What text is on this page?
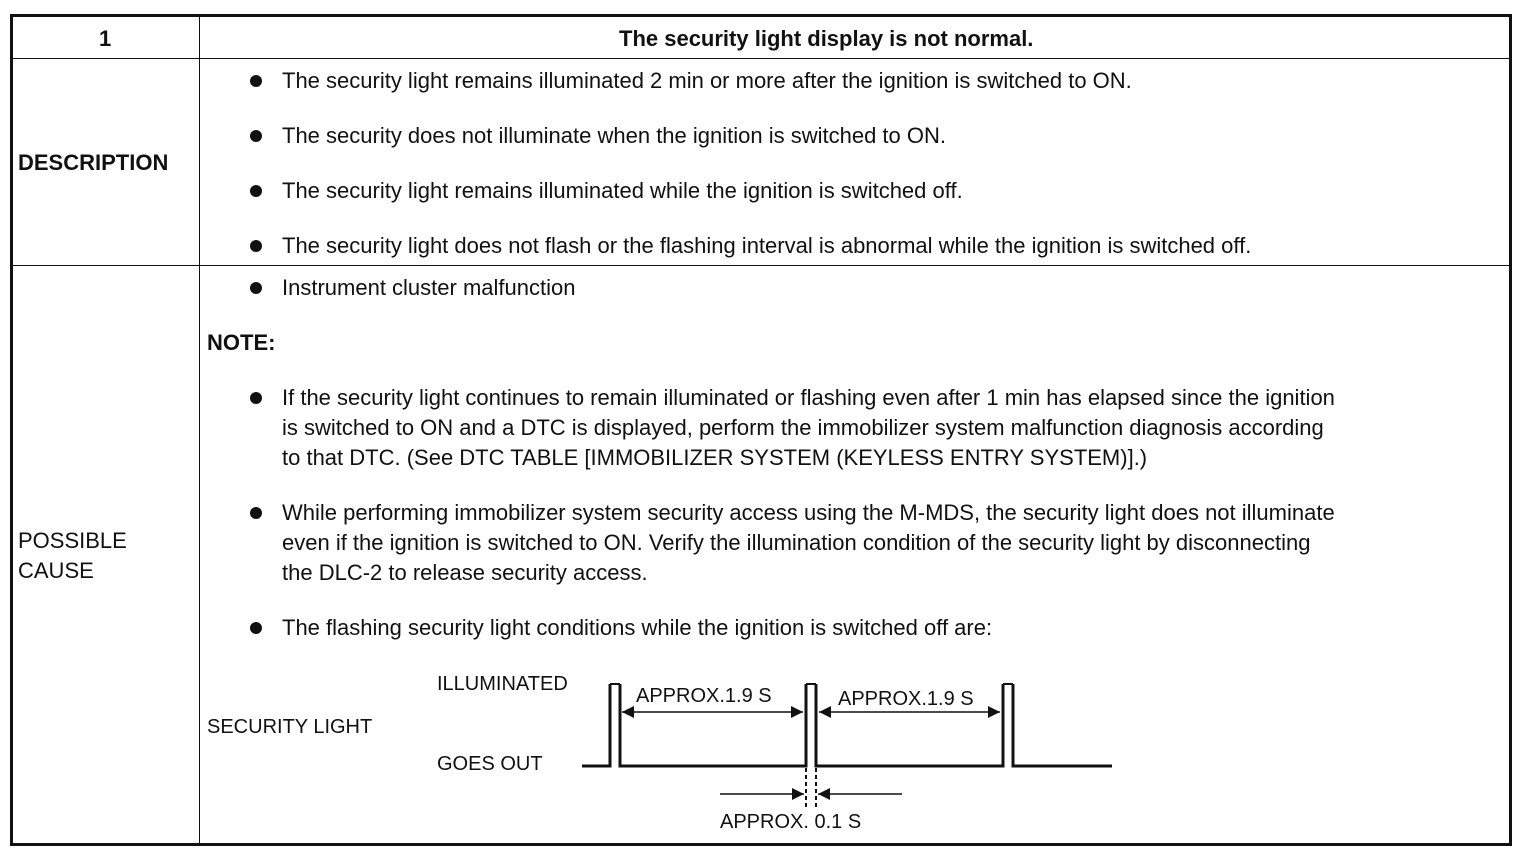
1	The security light display is not normal.
DESCRIPTION
The security light remains illuminated 2 min or more after the ignition is switched to ON.
The security does not illuminate when the ignition is switched to ON.
The security light remains illuminated while the ignition is switched off.
The security light does not flash or the flashing interval is abnormal while the ignition is switched off.
POSSIBLE
CAUSE
Instrument cluster malfunction
NOTE:
If the security light continues to remain illuminated or flashing even after 1 min has elapsed since the ignition
is switched to ON and a DTC is displayed, perform the immobilizer system malfunction diagnosis according
to that DTC. (See DTC TABLE [IMMOBILIZER SYSTEM (KEYLESS ENTRY SYSTEM)].)
While performing immobilizer system security access using the M-MDS, the security light does not illuminate
even if the ignition is switched to ON. Verify the illumination condition of the security light by disconnecting
the DLC-2 to release security access.
The flashing security light conditions while the ignition is switched off are:
SECURITY LIGHT
ILLUMINATED
GOES OUT
APPROX.1.9 S	APPROX.1.9 S
APPROX. 0.1 S
